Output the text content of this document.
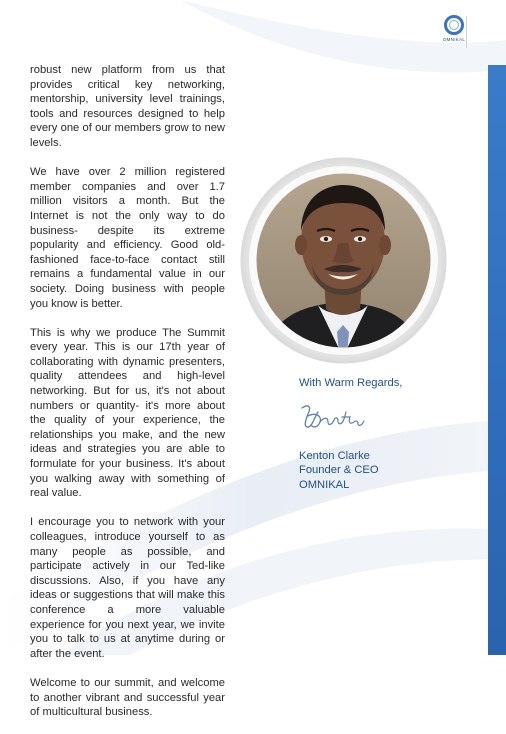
OMNIKAL

robust new platform from us that provides critical key networking, mentorship, university level trainings, tools and resources designed to help every one of our members grow to new levels.

We have over 2 million registered member companies and over 1.7 million visitors a month. But the Internet is not the only way to do business- despite its extreme popularity and efficiency. Good old-fashioned face-to-face contact still remains a fundamental value in our society. Doing business with people you know is better.

This is why we produce The Summit every year. This is our 17th year of collaborating with dynamic presenters, quality attendees and high-level networking. But for us, it's not about numbers or quantity- it's more about the quality of your experience, the relationships you make, and the new ideas and strategies you are able to formulate for your business. It's about you walking away with something of real value.

I encourage you to network with your colleagues, introduce yourself to as many people as possible, and participate actively in our Ted-like discussions. Also, if you have any ideas or suggestions that will make this conference a more valuable experience for you next year, we invite you to talk to us at anytime during or after the event.

Welcome to our summit, and welcome to another vibrant and successful year of multicultural business.

With Warm Regards,
Kenton Clarke
Founder & CEO
OMNIKAL
